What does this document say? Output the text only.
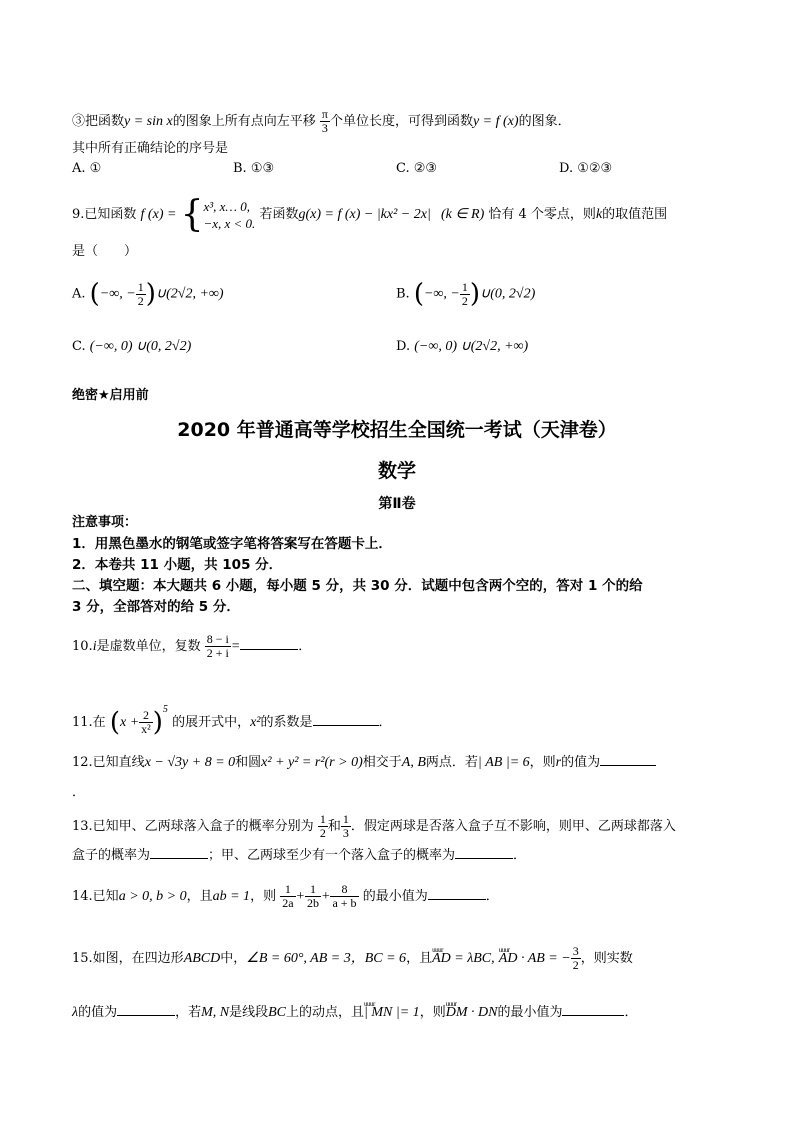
③把函数y = sin x的图象上所有点向左平移 $\frac{\pi}{3}$ 个单位长度，可得到函数y = f (x)的图象．
其中所有正确结论的序号是
A. ①	B. ①③	C. ②③	D. ①②③
9.已知函数 f (x) = { x³, x… 0,
−x, x < 0.
若函数g(x) = f (x) − |kx² − 2x| (k ∈ R) 恰有 4 个零点，则k的取值范围
是（　　）
A. (−∞, − $\frac{1}{2}$ )∪(2√2, +∞)	B. (−∞, − $\frac{1}{2}$ )∪(0, 2√2)
C. (−∞, 0) ∪(0, 2√2)	D. (−∞, 0) ∪(2√2, +∞)
绝密★启用前
2020 年普通高等学校招生全国统一考试（天津卷）
数学
第Ⅱ卷
注意事项：
1．用黑色墨水的钢笔或签字笔将答案写在答题卡上．
2．本卷共 11 小题，共 105 分．
二、填空题：本大题共 6 小题，每小题 5 分，共 30 分．试题中包含两个空的，答对 1 个的给
3 分，全部答对的给 5 分．
10.i是虚数单位，复数 $\frac{8 - i}{2 + i}$ =	．
11.在 $(x + \frac{2}{\text{x²}} )^5$ 的展开式中，x²的系数是	．
12.已知直线x − √3y + 8 = 0和圆x² + y² = r²(r > 0)相交于A, B两点．若| AB |= 6，则r的值为
．
13.已知甲、乙两球落入盒子的概率分别为 $\frac{1}{2}$ 和 $\frac{1}{3}$ ．假定两球是否落入盒子互不影响，则甲、乙两球都落入
盒子的概率为	；甲、乙两球至少有一个落入盒子的概率为	．
14.已知a > 0, b > 0，且ab = 1，则 $\frac{1}{2a} + \frac{1}{2b} + \frac{8}{a + b}$ 的最小值为	．
15.如图，在四边形ABCD中，∠B = 60°, AB = 3，BC = 6，且uuur AD = λBC, uuur AD · AB = − $\frac{3}{2}$ ，则实数
λ的值为	，若M, N是线段BC上的动点，且uuur | MN |= 1，则uuur DM · DN的最小值为	．
